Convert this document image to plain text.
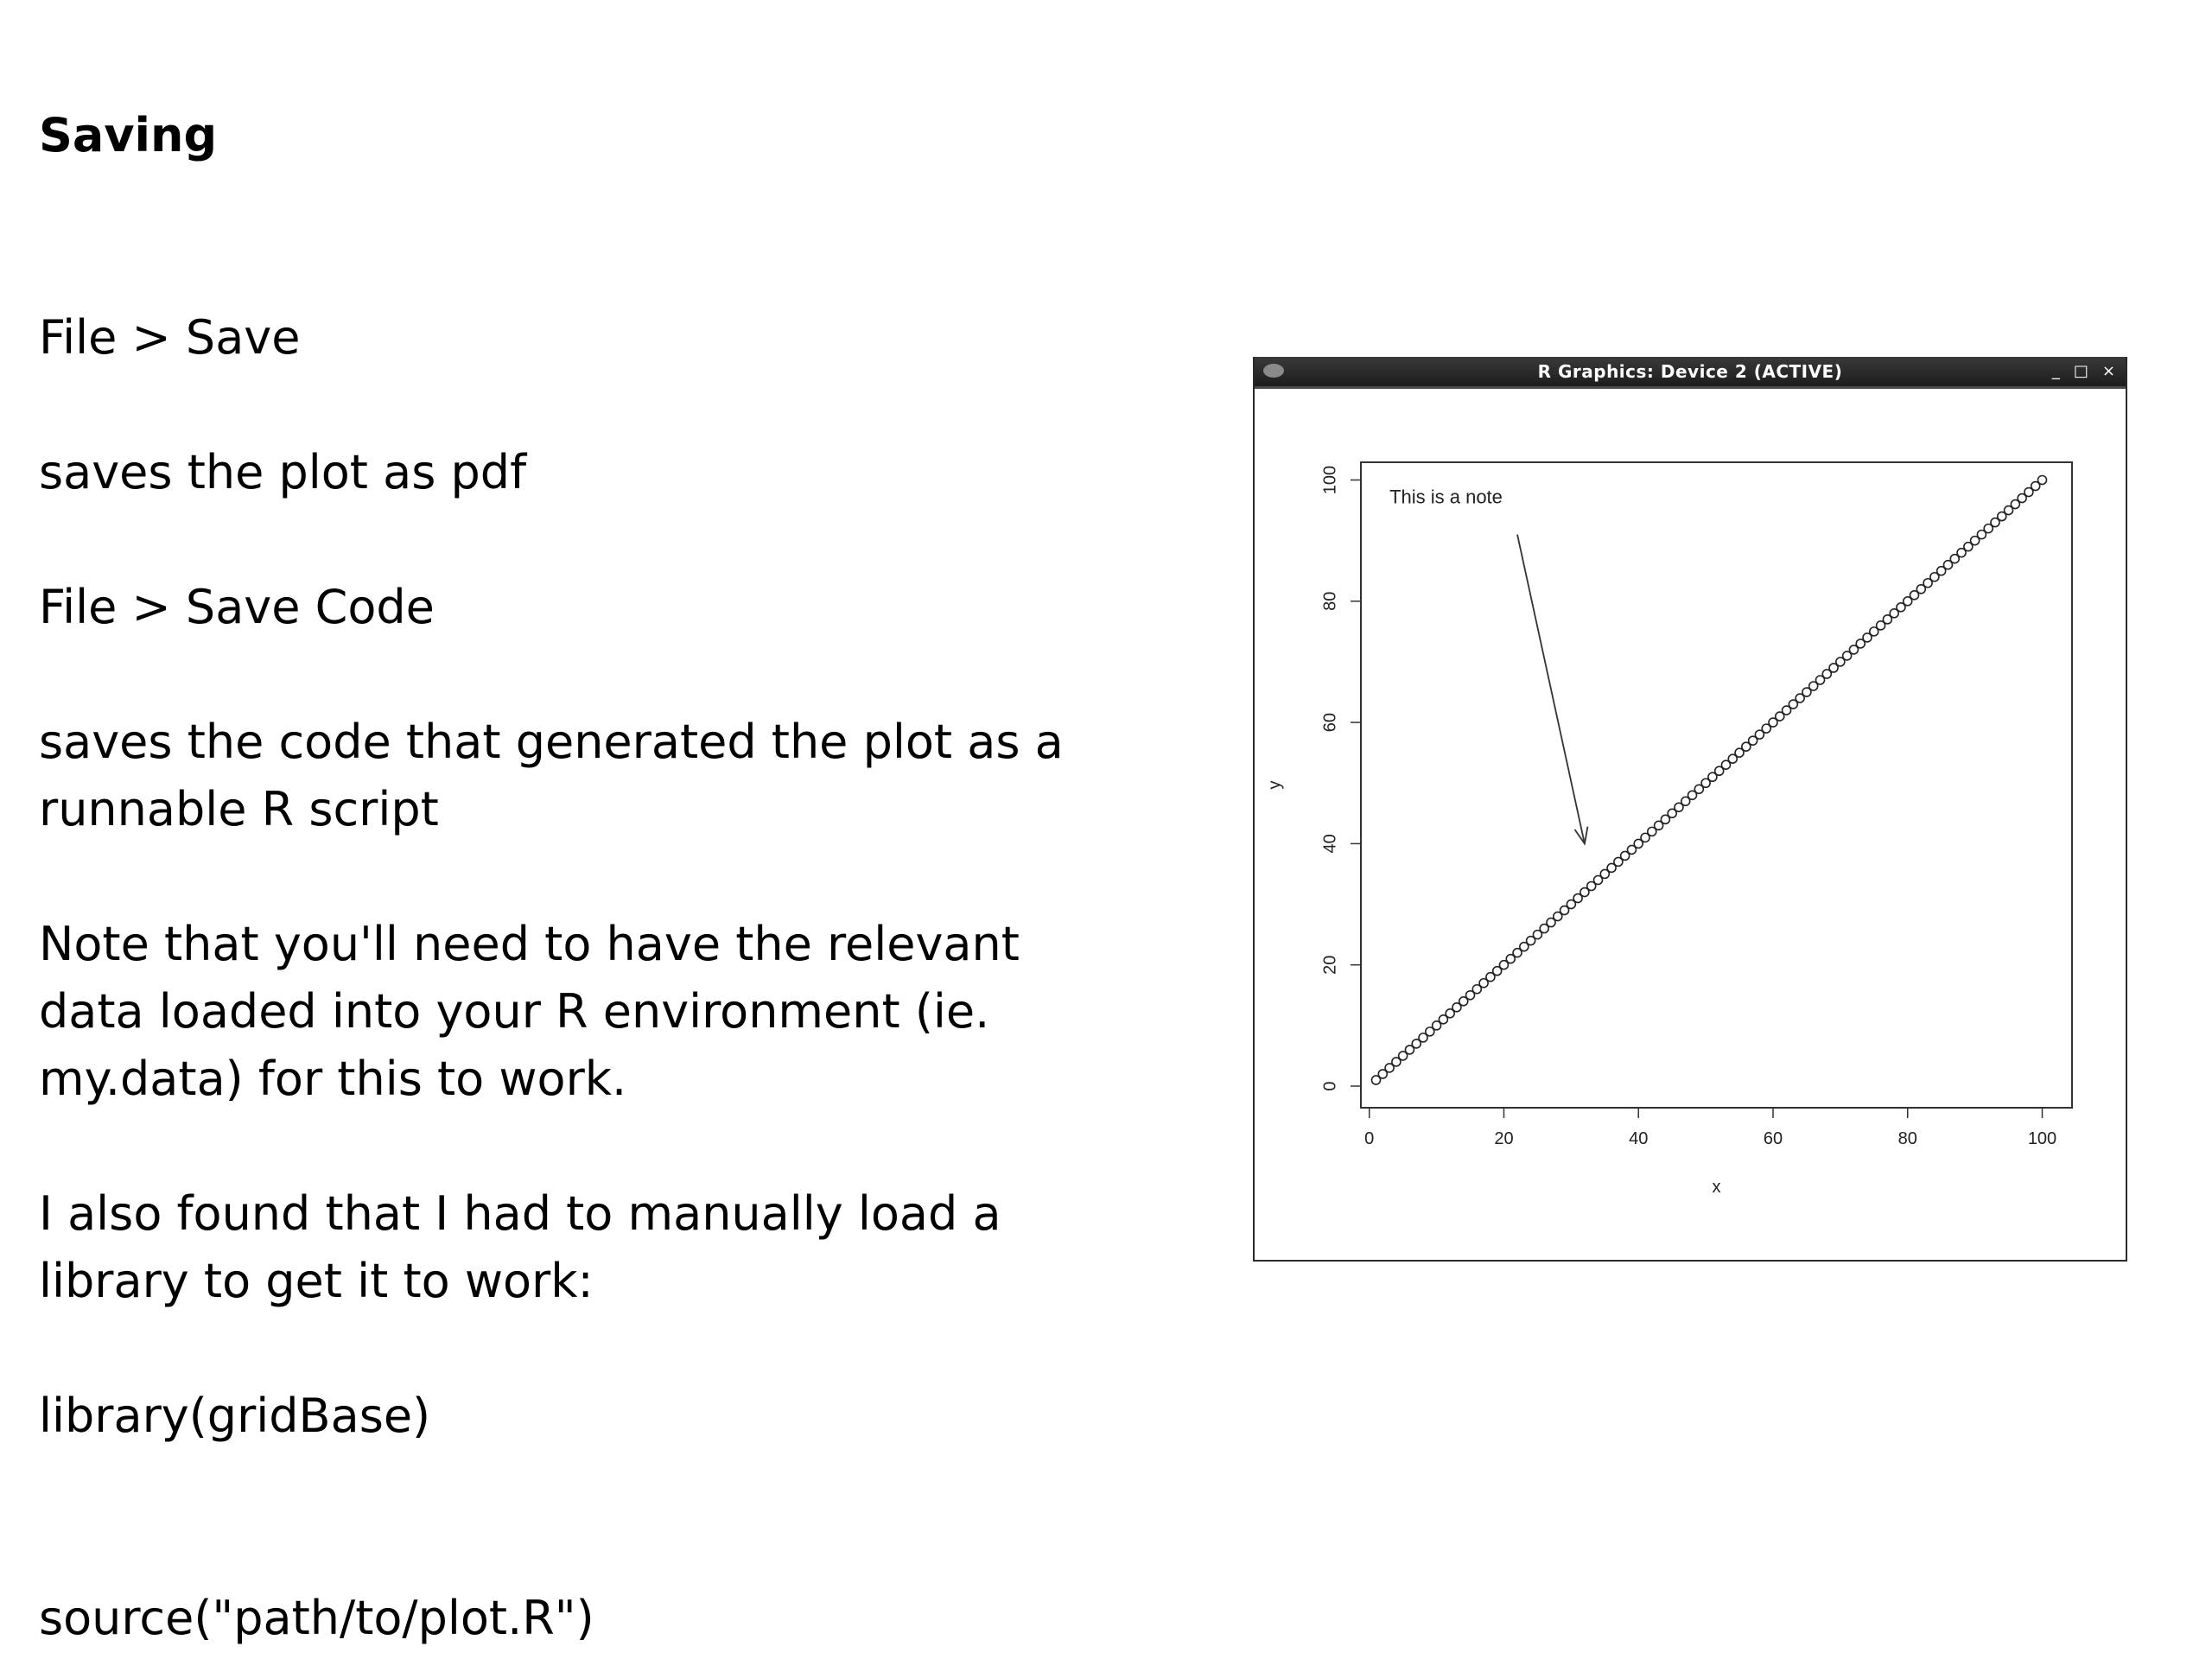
Saving
File > Save
saves the plot as pdf
File > Save Code
saves the code that generated the plot as a
runnable R script
Note that you'll need to have the relevant
data loaded into your R environment (ie.
my.data) for this to work.
I also found that I had to manually load a
library to get it to work:
library(gridBase)
source("path/to/plot.R")
R Graphics: Device 2 (ACTIVE)	_ □ ×
0	20	40	60	80	100
x
0
20
40
60
80
100
y
This is a note
